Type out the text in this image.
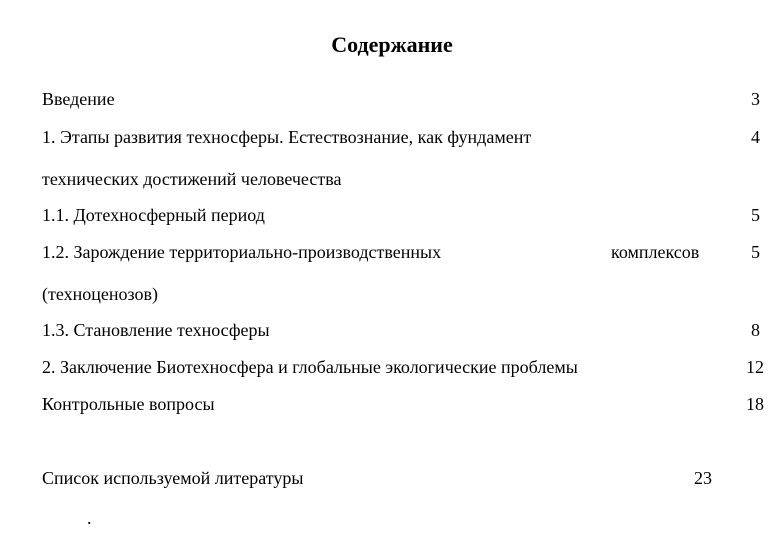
Содержание
Введение	3
1. Этапы развития техносферы. Естествознание, как фундамент	4
технических достижений человечества
1.1. Дотехносферный период	5
1.2. Зарождение территориально-производственных	комплексов	5
(техноценозов)
1.3. Становление техносферы	8
2. Заключение Биотехносфера и глобальные экологические проблемы	12
Контрольные вопросы	18
Список используемой литературы	23
.
